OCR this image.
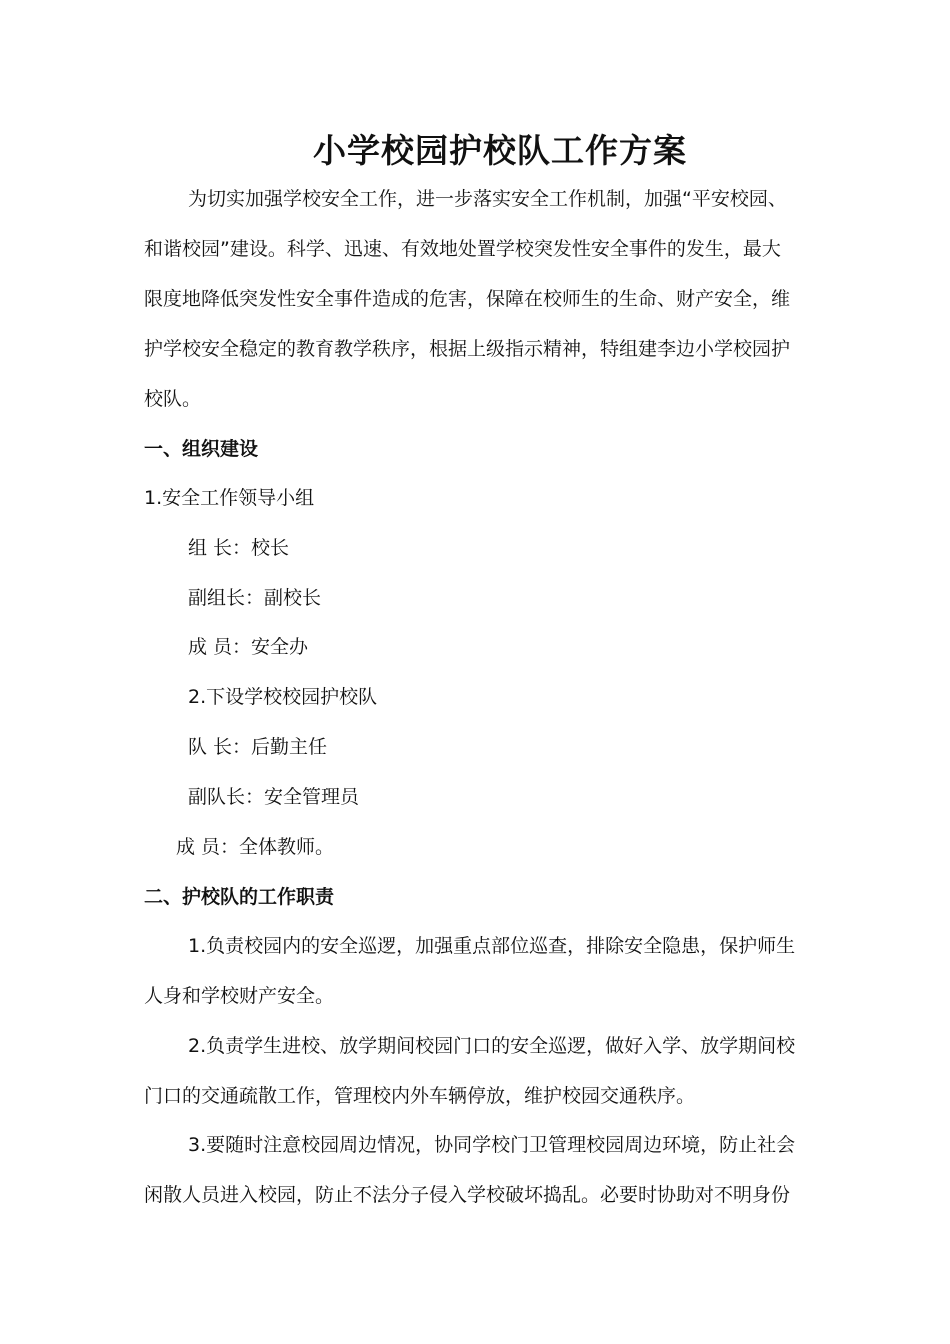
小学校园护校队工作方案
为切实加强学校安全工作，进一步落实安全工作机制，加强“平安校园、
和谐校园”建设。科学、迅速、有效地处置学校突发性安全事件的发生，最大
限度地降低突发性安全事件造成的危害，保障在校师生的生命、财产安全，维
护学校安全稳定的教育教学秩序，根据上级指示精神，特组建李边小学校园护
校队。
一、组织建设
1.安全工作领导小组
组 长：校长
副组长：副校长
成 员：安全办
2.下设学校校园护校队
队 长：后勤主任
副队长：安全管理员
成 员：全体教师。
二、护校队的工作职责
1.负责校园内的安全巡逻，加强重点部位巡查，排除安全隐患，保护师生
人身和学校财产安全。
2.负责学生进校、放学期间校园门口的安全巡逻，做好入学、放学期间校
门口的交通疏散工作，管理校内外车辆停放，维护校园交通秩序。
3.要随时注意校园周边情况，协同学校门卫管理校园周边环境，防止社会
闲散人员进入校园，防止不法分子侵入学校破坏捣乱。必要时协助对不明身份
